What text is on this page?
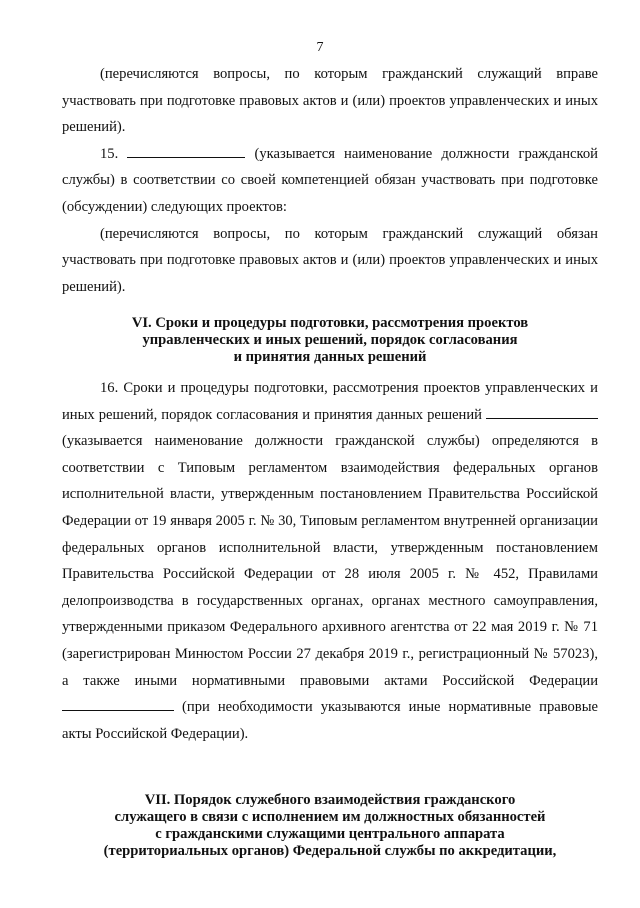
7

(перечисляются вопросы, по которым гражданский служащий вправе участвовать при подготовке правовых актов и (или) проектов управленческих и иных решений).

15.	(указывается наименование должности гражданской службы) в соответствии со своей компетенцией обязан участвовать при подготовке (обсуждении) следующих проектов:

(перечисляются вопросы, по которым гражданский служащий обязан участвовать при подготовке правовых актов и (или) проектов управленческих и иных решений).

VI. Сроки и процедуры подготовки, рассмотрения проектов
управленческих и иных решений, порядок согласования
и принятия данных решений

16. Сроки и процедуры подготовки, рассмотрения проектов управленческих и иных решений, порядок согласования и принятия данных решений  (указывается наименование должности гражданской службы) определяются в соответствии с Типовым регламентом взаимодействия федеральных органов исполнительной власти, утвержденным постановлением Правительства Российской Федерации от 19 января 2005 г. № 30, Типовым регламентом внутренней организации федеральных органов исполнительной власти, утвержденным постановлением Правительства Российской Федерации от 28 июля 2005 г. № 452, Правилами делопроизводства в государственных органах, органах местного самоуправления, утвержденными приказом Федерального архивного агентства от 22 мая 2019 г. № 71 (зарегистрирован Минюстом России 27 декабря 2019 г., регистрационный № 57023), а также иными нормативными правовыми актами Российской Федерации  (при необходимости указываются иные нормативные правовые акты Российской Федерации).

VII. Порядок служебного взаимодействия гражданского
служащего в связи с исполнением им должностных обязанностей
с гражданскими служащими центрального аппарата
(территориальных органов) Федеральной службы по аккредитации,
